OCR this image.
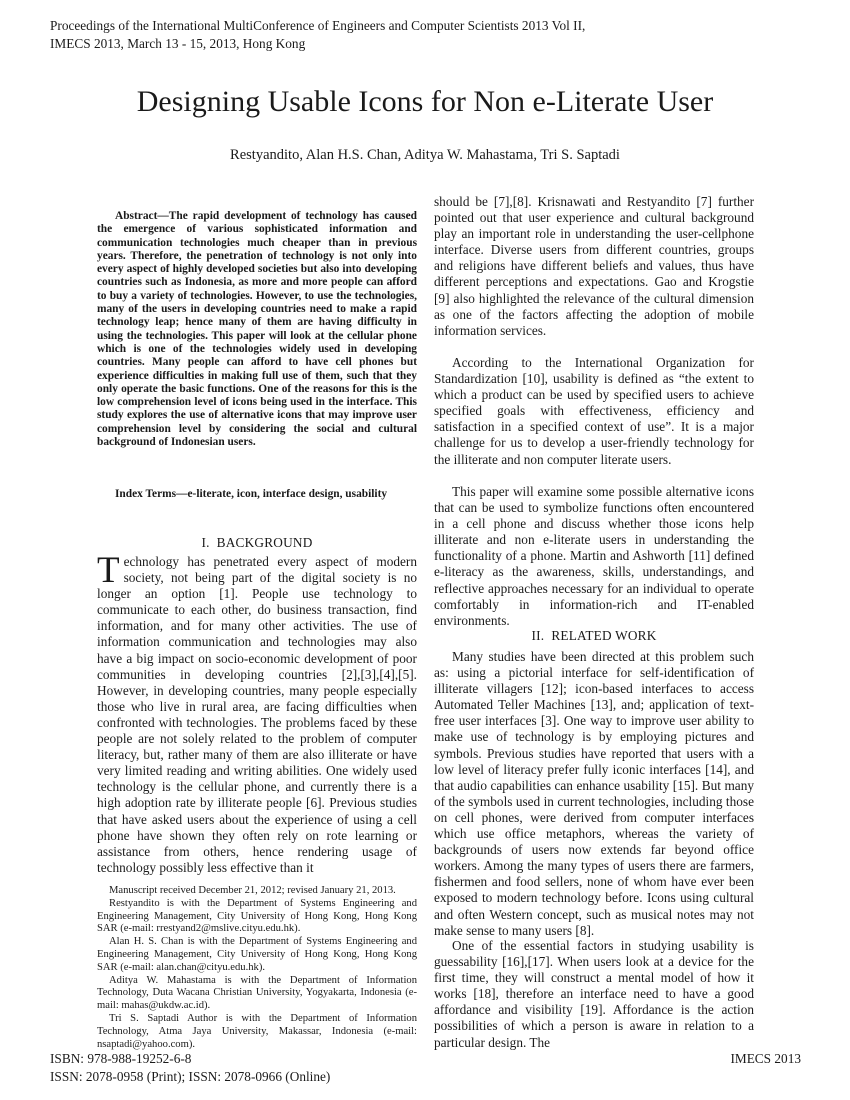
Proceedings of the International MultiConference of Engineers and Computer Scientists 2013 Vol II,
IMECS 2013, March 13 - 15, 2013, Hong Kong
Designing Usable Icons for Non e-Literate User
Restyandito, Alan H.S. Chan, Aditya W. Mahastama, Tri S. Saptadi

Abstract—The rapid development of technology has caused the emergence of various sophisticated information and communication technologies much cheaper than in previous years. Therefore, the penetration of technology is not only into every aspect of highly developed societies but also into developing countries such as Indonesia, as more and more people can afford to buy a variety of technologies. However, to use the technologies, many of the users in developing countries need to make a rapid technology leap; hence many of them are having difficulty in using the technologies. This paper will look at the cellular phone which is one of the technologies widely used in developing countries. Many people can afford to have cell phones but experience difficulties in making full use of them, such that they only operate the basic functions. One of the reasons for this is the low comprehension level of icons being used in the interface. This study explores the use of alternative icons that may improve user comprehension level by considering the social and cultural background of Indonesian users.

Index Terms—e-literate, icon, interface design, usability
I.  BACKGROUND
T echnology has penetrated every aspect of modern society, not being part of the digital society is no longer an option [1]. People use technology to communicate to each other, do business transaction, find information, and for many other activities. The use of information communication and technologies may also have a big impact on socio-economic development of poor communities in developing countries [2],[3],[4],[5]. However, in developing countries, many people especially those who live in rural area, are facing difficulties when confronted with technologies. The problems faced by these people are not solely related to the problem of computer literacy, but, rather many of them are also illiterate or have very limited reading and writing abilities. One widely used technology is the cellular phone, and currently there is a high adoption rate by illiterate people [6]. Previous studies that have asked users about the experience of using a cell phone have shown they often rely on rote learning or assistance from others, hence rendering usage of technology possibly less effective than it

Manuscript received December 21, 2012; revised January 21, 2013.

Restyandito is with the Department of Systems Engineering and Engineering Management, City University of Hong Kong, Hong Kong SAR (e-mail: rrestyand2@mslive.cityu.edu.hk).

Alan H. S. Chan is with the Department of Systems Engineering and Engineering Management, City University of Hong Kong, Hong Kong SAR (e-mail: alan.chan@cityu.edu.hk).

Aditya W. Mahastama is with the Department of Information Technology, Duta Wacana Christian University, Yogyakarta, Indonesia (e-mail: mahas@ukdw.ac.id).

Tri S. Saptadi Author is with the Department of Information Technology, Atma Jaya University, Makassar, Indonesia (e-mail: nsaptadi@yahoo.com).

should be [7],[8]. Krisnawati and Restyandito [7] further pointed out that user experience and cultural background play an important role in understanding the user-cellphone interface. Diverse users from different countries, groups and religions have different beliefs and values, thus have different perceptions and expectations. Gao and Krogstie [9] also highlighted the relevance of the cultural dimension as one of the factors affecting the adoption of mobile information services.
According to the International Organization for Standardization [10], usability is defined as “the extent to which a product can be used by specified users to achieve specified goals with effectiveness, efficiency and satisfaction in a specified context of use”. It is a major challenge for us to develop a user-friendly technology for the illiterate and non computer literate users.
This paper will examine some possible alternative icons that can be used to symbolize functions often encountered in a cell phone and discuss whether those icons help illiterate and non e-literate users in understanding the functionality of a phone. Martin and Ashworth [11] defined e-literacy as the awareness, skills, understandings, and reflective approaches necessary for an individual to operate comfortably in information-rich and IT-enabled environments.
II.  RELATED WORK
Many studies have been directed at this problem such as: using a pictorial interface for self-identification of illiterate villagers [12]; icon-based interfaces to access Automated Teller Machines [13], and; application of text-free user interfaces [3]. One way to improve user ability to make use of technology is by employing pictures and symbols. Previous studies have reported that users with a low level of literacy prefer fully iconic interfaces [14], and that audio capabilities can enhance usability [15]. But many of the symbols used in current technologies, including those on cell phones, were derived from computer interfaces which use office metaphors, whereas the variety of backgrounds of users now extends far beyond office workers. Among the many types of users there are farmers, fishermen and food sellers, none of whom have ever been exposed to modern technology before. Icons using cultural and often Western concept, such as musical notes may not make sense to many users [8].
One of the essential factors in studying usability is guessability [16],[17]. When users look at a device for the first time, they will construct a mental model of how it works [18], therefore an interface need to have a good affordance and visibility [19]. Affordance is the action possibilities of which a person is aware in relation to a particular design. The
ISBN: 978-988-19252-6-8
ISSN: 2078-0958 (Print); ISSN: 2078-0966 (Online)
IMECS 2013
